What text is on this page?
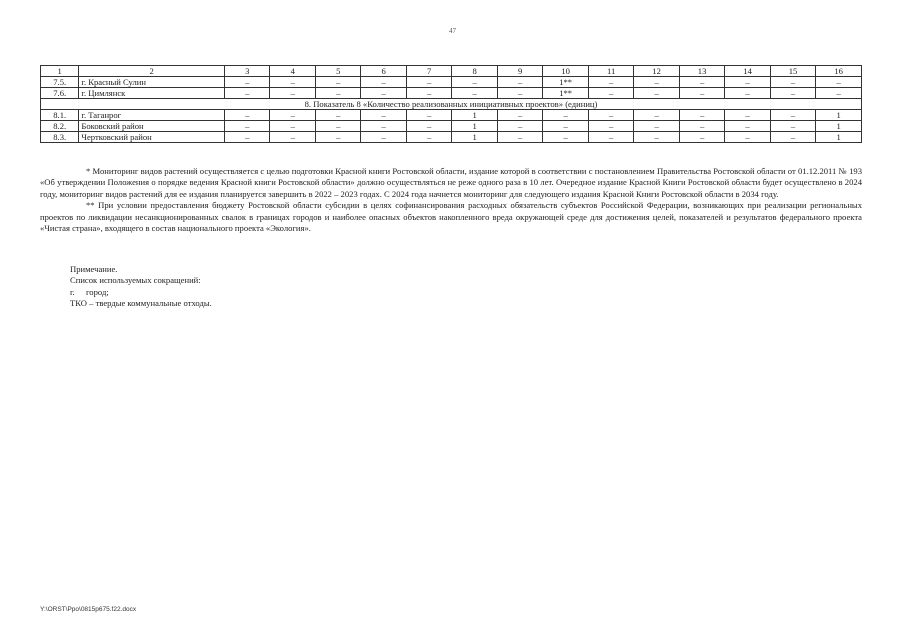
47
1	2	3	4	5	6	7	8	9	10	11	12	13	14	15	16
7.5.	г. Красный Сулин	–	–	–	–	–	–	–	1**	–	–	–	–	–	–
7.6.	г. Цимлянск	–	–	–	–	–	–	–	1**	–	–	–	–	–	–
8. Показатель 8 «Количество реализованных инициативных проектов» (единиц)															
8.1.	г. Таганрог	–	–	–	–	–	1	–	–	–	–	–	–	–	1
8.2.	Боковский район	–	–	–	–	–	1	–	–	–	–	–	–	–	1
8.3.	Чертковский район	–	–	–	–	–	1	–	–	–	–	–	–	–	1

* Мониторинг видов растений осуществляется с целью подготовки Красной книги Ростовской области, издание которой в соответствии с постановлением Правительства Ростовской области от 01.12.2011 № 193 «Об утверждении Положения о порядке ведения Красной книги Ростовской области» должно осуществляться не реже одного раза в 10 лет. Очередное издание Красной Книги Ростовской области будет осуществлено в 2024 году, мониторинг видов растений для ее издания планируется завершить в 2022 – 2023 годах. С 2024 года начнется мониторинг для следующего издания Красной Книги Ростовской области в 2034 году.

** При условии предоставления бюджету Ростовской области субсидии в целях софинансирования расходных обязательств субъектов Российской Федерации, возникающих при реализации региональных проектов по ликвидации несанкционированных свалок в границах городов и наиболее опасных объектов накопленного вреда окружающей среде для достижения целей, показателей и результатов федерального проекта «Чистая страна», входящего в состав национального проекта «Экология».

Примечание.
Список используемых сокращений:
г. город;
ТКО – твердые коммунальные отходы.
Y:\ORST\Ppo\0815p675.f22.docx
